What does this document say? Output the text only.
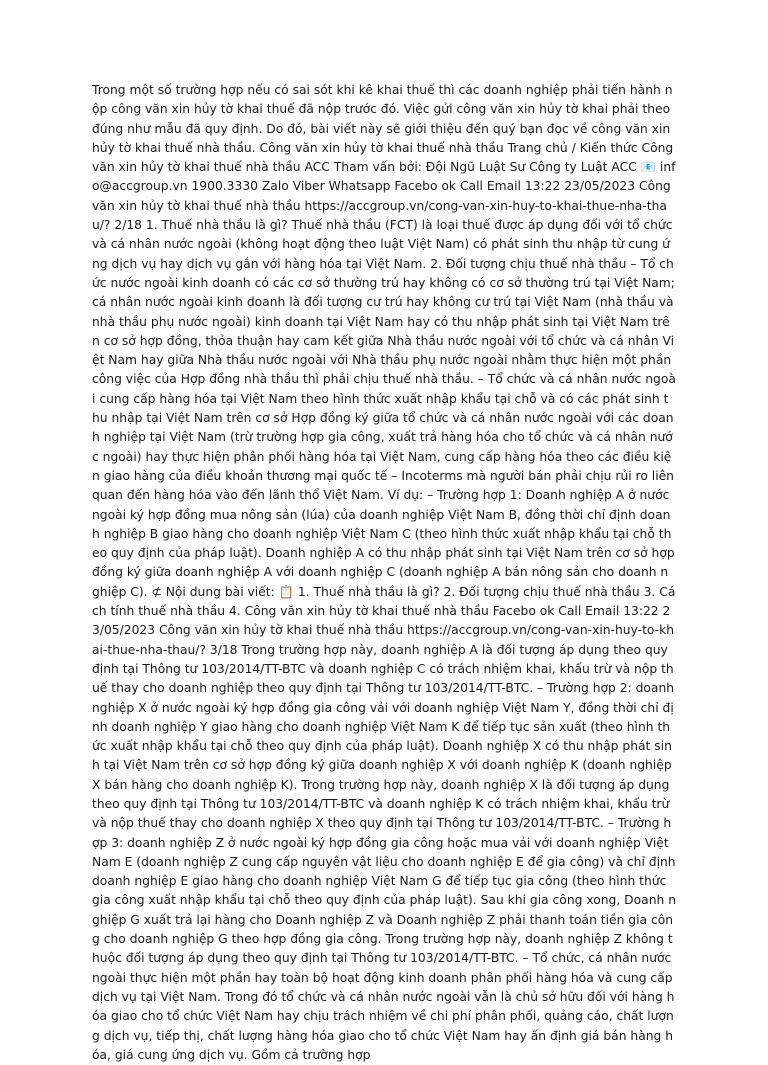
Trong một số trường hợp nếu có sai sót khi kê khai thuế thì các doanh nghiệp phải tiến hành nộp công văn xin hủy tờ khai thuế đã nộp trước đó. Việc gửi công văn xin hủy tờ khai phải theo đúng như mẫu đã quy định. Do đó, bài viết này sẽ giới thiệu đến quý bạn đọc về công văn xin hủy tờ khai thuế nhà thầu. Công văn xin hủy tờ khai thuế nhà thầu Trang chủ / Kiến thức Công văn xin hủy tờ khai thuế nhà thầu ACC Tham vấn bởi: Đội Ngũ Luật Sư Công ty Luật ACC 📧 info@accgroup.vn 1900.3330 Zalo Viber Whatsapp Facebo ok Call Email 13:22 23/05/2023 Công văn xin hủy tờ khai thuế nhà thầu https://accgroup.vn/cong-van-xin-huy-to-khai-thue-nha-thau/? 2/18 1. Thuế nhà thầu là gì? Thuế nhà thầu (FCT) là loại thuế được áp dụng đối với tổ chức và cá nhân nước ngoài (không hoạt động theo luật Việt Nam) có phát sinh thu nhập từ cung ứng dịch vụ hay dịch vụ gắn với hàng hóa tại Việt Nam. 2. Đối tượng chịu thuế nhà thầu – Tổ chức nước ngoài kinh doanh có các cơ sở thường trú hay không có cơ sở thường trú tại Việt Nam; cá nhân nước ngoài kinh doanh là đối tượng cư trú hay không cư trú tại Việt Nam (nhà thầu và nhà thầu phụ nước ngoài) kinh doanh tại Việt Nam hay có thu nhập phát sinh tại Việt Nam trên cơ sở hợp đồng, thỏa thuận hay cam kết giữa Nhà thầu nước ngoài với tổ chức và cá nhân Việt Nam hay giữa Nhà thầu nước ngoài với Nhà thầu phụ nước ngoài nhằm thực hiện một phần công việc của Hợp đồng nhà thầu thì phải chịu thuế nhà thầu. – Tổ chức và cá nhân nước ngoài cung cấp hàng hóa tại Việt Nam theo hình thức xuất nhập khẩu tại chỗ và có các phát sinh thu nhập tại Việt Nam trên cơ sở Hợp đồng ký giữa tổ chức và cá nhân nước ngoài với các doanh nghiệp tại Việt Nam (trừ trường hợp gia công, xuất trả hàng hóa cho tổ chức và cá nhân nước ngoài) hay thực hiện phân phối hàng hóa tại Việt Nam, cung cấp hàng hóa theo các điều kiện giao hàng của điều khoản thương mại quốc tế – Incoterms mà người bán phải chịu rủi ro liên quan đến hàng hóa vào đến lãnh thổ Việt Nam. Ví dụ: – Trường hợp 1: Doanh nghiệp A ở nước ngoài ký hợp đồng mua nông sản (lúa) của doanh nghiệp Việt Nam B, đồng thời chỉ định doanh nghiệp B giao hàng cho doanh nghiệp Việt Nam C (theo hình thức xuất nhập khẩu tại chỗ theo quy định của pháp luật). Doanh nghiệp A có thu nhập phát sinh tại Việt Nam trên cơ sở hợp đồng ký giữa doanh nghiệp A với doanh nghiệp C (doanh nghiệp A bán nông sản cho doanh nghiệp C). ⊄ Nội dung bài viết: 📋 1. Thuế nhà thầu là gì? 2. Đối tượng chịu thuế nhà thầu 3. Cách tính thuế nhà thầu 4. Công văn xin hủy tờ khai thuế nhà thầu Facebo ok Call Email 13:22 23/05/2023 Công văn xin hủy tờ khai thuế nhà thầu https://accgroup.vn/cong-van-xin-huy-to-khai-thue-nha-thau/? 3/18 Trong trường hợp này, doanh nghiệp A là đối tượng áp dụng theo quy định tại Thông tư 103/2014/TT-BTC và doanh nghiệp C có trách nhiệm khai, khấu trừ và nộp thuế thay cho doanh nghiệp theo quy định tại Thông tư 103/2014/TT-BTC. – Trường hợp 2: doanh nghiệp X ở nước ngoài ký hợp đồng gia công vải với doanh nghiệp Việt Nam Y, đồng thời chỉ định doanh nghiệp Y giao hàng cho doanh nghiệp Việt Nam K để tiếp tục sản xuất (theo hình thức xuất nhập khẩu tại chỗ theo quy định của pháp luật). Doanh nghiệp X có thu nhập phát sinh tại Việt Nam trên cơ sở hợp đồng ký giữa doanh nghiệp X với doanh nghiệp K (doanh nghiệp X bán hàng cho doanh nghiệp K). Trong trường hợp này, doanh nghiệp X là đối tượng áp dụng theo quy định tại Thông tư 103/2014/TT-BTC và doanh nghiệp K có trách nhiệm khai, khấu trừ và nộp thuế thay cho doanh nghiệp X theo quy định tại Thông tư 103/2014/TT-BTC. – Trường hợp 3: doanh nghiệp Z ở nước ngoài ký hợp đồng gia công hoặc mua vải với doanh nghiệp Việt Nam E (doanh nghiệp Z cung cấp nguyên vật liệu cho doanh nghiệp E để gia công) và chỉ định doanh nghiệp E giao hàng cho doanh nghiệp Việt Nam G để tiếp tục gia công (theo hình thức gia công xuất nhập khẩu tại chỗ theo quy định của pháp luật). Sau khi gia công xong, Doanh nghiệp G xuất trả lại hàng cho Doanh nghiệp Z và Doanh nghiệp Z phải thanh toán tiền gia công cho doanh nghiệp G theo hợp đồng gia công. Trong trường hợp này, doanh nghiệp Z không thuộc đối tượng áp dụng theo quy định tại Thông tư 103/2014/TT-BTC. – Tổ chức, cá nhân nước ngoài thực hiện một phần hay toàn bộ hoạt động kinh doanh phân phối hàng hóa và cung cấp dịch vụ tại Việt Nam. Trong đó tổ chức và cá nhân nước ngoài vẫn là chủ sở hữu đối với hàng hóa giao cho tổ chức Việt Nam hay chịu trách nhiệm về chi phí phân phối, quảng cáo, chất lượng dịch vụ, tiếp thị, chất lượng hàng hóa giao cho tổ chức Việt Nam hay ấn định giá bán hàng hóa, giá cung ứng dịch vụ. Gồm cả trường hợp
